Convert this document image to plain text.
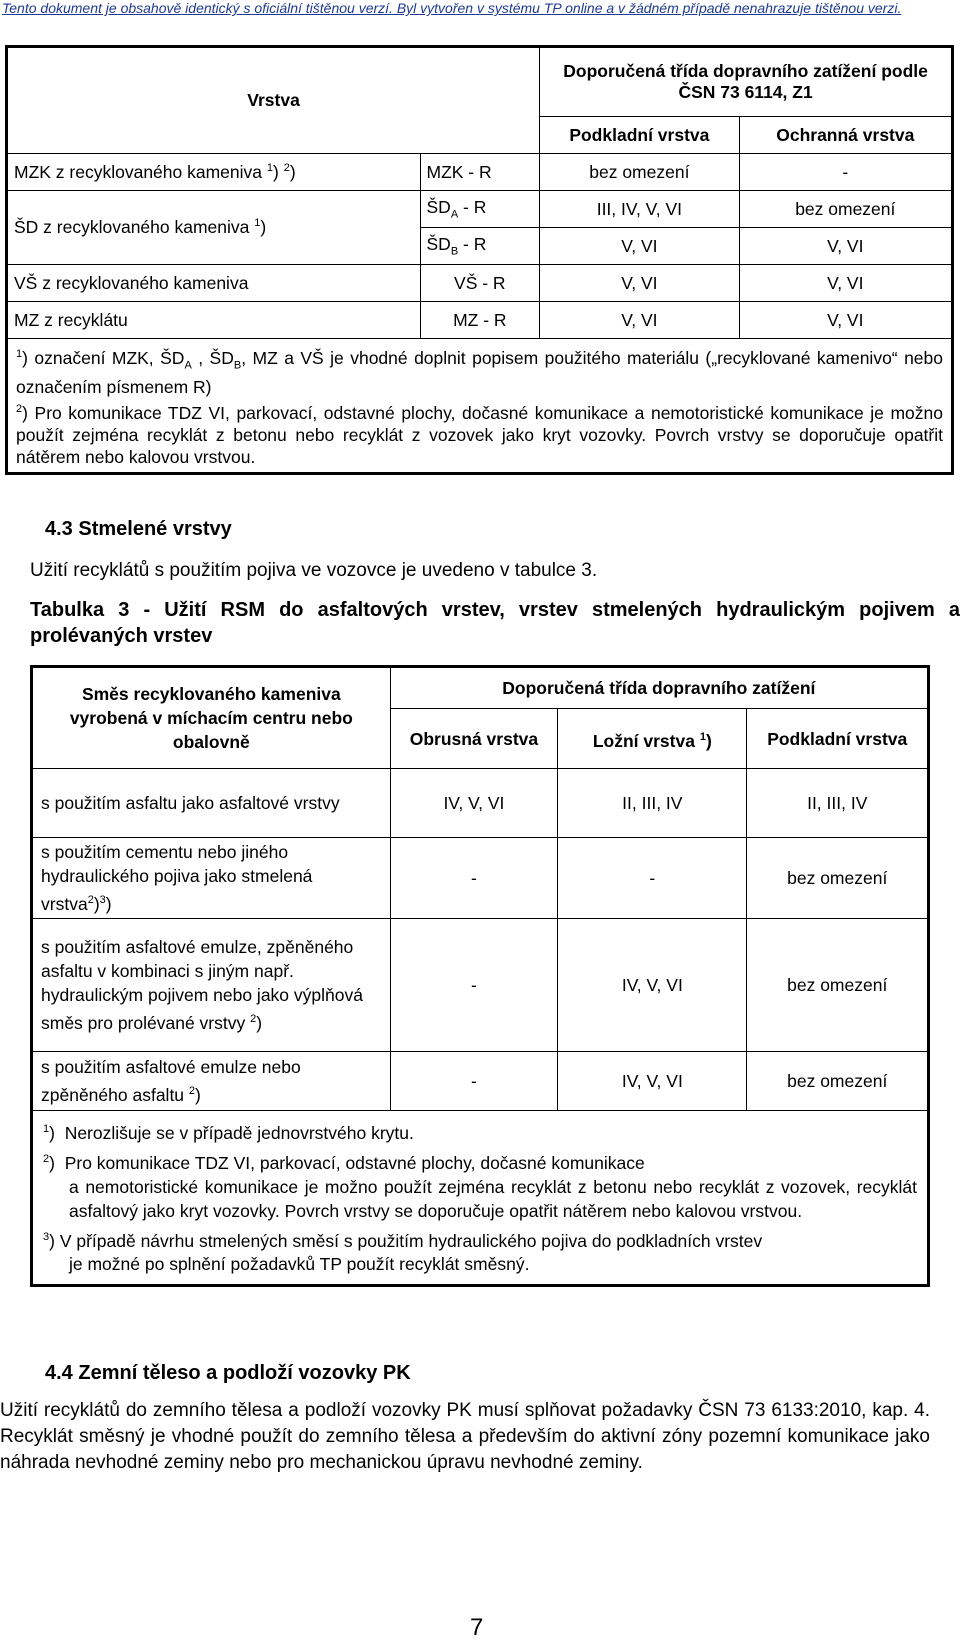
Tento dokument je obsahově identický s oficiální tištěnou verzí. Byl vytvořen v systému TP online a v žádném případě nenahrazuje tištěnou verzi.
Vrstva		Doporučená třída dopravního zatížení podle ČSN 73 6114, Z1	
		Podkladní vrstva	Ochranná vrstva
MZK z recyklovaného kameniva $^1$) $^2$)	MZK - R	bez omezení	-
ŠD z recyklovaného kameniva $^1$)	$ŠD_A$ - R	III, IV, V, VI	bez omezení
	$ŠD_B$ - R	V, VI	V, VI
VŠ z recyklovaného kameniva	VŠ - R	V, VI	V, VI
MZ z recyklátu	MZ - R	V, VI	V, VI

$^1$) označení MZK, $ŠD_A$ , $ŠD_B$, MZ a VŠ je vhodné doplnit popisem použitého materiálu („recyklované kamenivo“ nebo označením písmenem R)
$^2$) Pro komunikace TDZ VI, parkovací, odstavné plochy, dočasné komunikace a nemotoristické komunikace je možno použít zejména recyklát z betonu nebo recyklát z vozovek jako kryt vozovky. Povrch vrstvy se doporučuje opatřit nátěrem nebo kalovou vrstvou.			
4.3 Stmelené vrstvy
Užití recyklátů s použitím pojiva ve vozovce je uvedeno v tabulce 3.
Tabulka 3 - Užití RSM do asfaltových vrstev, vrstev stmelených hydraulickým pojivem a prolévaných vrstev
Směs recyklovaného kameniva vyrobená v míchacím centru nebo obalovně	Doporučená třída dopravního zatížení		
	Obrusná vrstva	Ložní vrstva $^1$)	Podkladní vrstva
s použitím asfaltu jako asfaltové vrstvy	IV, V, VI	II, III, IV	II, III, IV
s použitím cementu nebo jiného hydraulického pojiva jako stmelená vrstva$^2$)$^3$)	-	-	bez omezení
s použitím asfaltové emulze, zpěněného asfaltu v kombinaci s jiným např. hydraulickým pojivem nebo jako výplňová směs pro prolévané vrstvy $^2$)	-	IV, V, VI	bez omezení
s použitím asfaltové emulze nebo zpěněného asfaltu $^2$)	-	IV, V, VI	bez omezení

$^1$)  Nerozlišuje se v případě jednovrstvého krytu.
$^2$)  Pro komunikace TDZ VI, parkovací, odstavné plochy, dočasné komunikace
a nemotoristické komunikace je možno použít zejména recyklát z betonu nebo recyklát z vozovek, recyklát asfaltový jako kryt vozovky. Povrch vrstvy se doporučuje opatřit nátěrem nebo kalovou vrstvou.
$^3$) V případě návrhu stmelených směsí s použitím hydraulického pojiva do podkladních vrstev
je možné po splnění požadavků TP použít recyklát směsný.			
4.4 Zemní těleso a podloží vozovky PK
Užití recyklátů do zemního tělesa a podloží vozovky PK musí splňovat požadavky ČSN 73 6133:2010, kap. 4. Recyklát směsný je vhodné použít do zemního tělesa a především do aktivní zóny pozemní komunikace jako náhrada nevhodné zeminy nebo pro mechanickou úpravu nevhodné zeminy.
7
